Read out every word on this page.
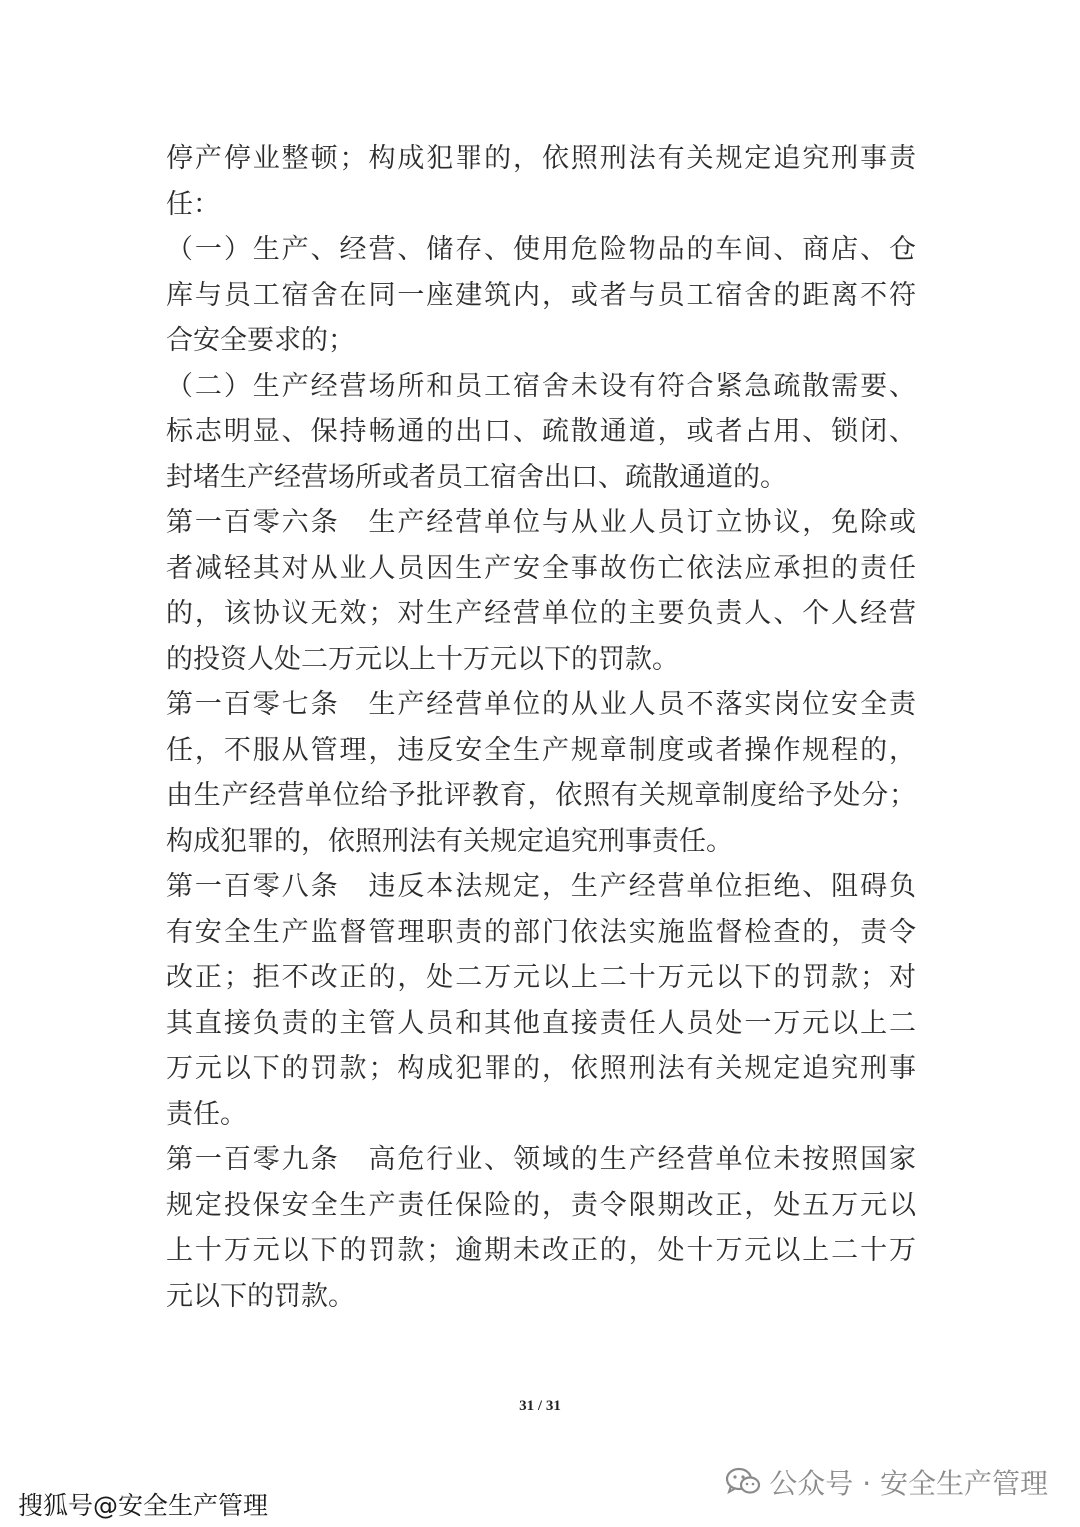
停产停业整顿；构成犯罪的，依照刑法有关规定追究刑事责
任：
（一）生产、经营、储存、使用危险物品的车间、商店、仓
库与员工宿舍在同一座建筑内，或者与员工宿舍的距离不符
合安全要求的；
（二）生产经营场所和员工宿舍未设有符合紧急疏散需要、
标志明显、保持畅通的出口、疏散通道，或者占用、锁闭、
封堵生产经营场所或者员工宿舍出口、疏散通道的。
第一百零六条　生产经营单位与从业人员订立协议，免除或
者减轻其对从业人员因生产安全事故伤亡依法应承担的责任
的，该协议无效；对生产经营单位的主要负责人、个人经营
的投资人处二万元以上十万元以下的罚款。
第一百零七条　生产经营单位的从业人员不落实岗位安全责
任，不服从管理，违反安全生产规章制度或者操作规程的，
由生产经营单位给予批评教育，依照有关规章制度给予处分；
构成犯罪的，依照刑法有关规定追究刑事责任。
第一百零八条　违反本法规定，生产经营单位拒绝、阻碍负
有安全生产监督管理职责的部门依法实施监督检查的，责令
改正；拒不改正的，处二万元以上二十万元以下的罚款；对
其直接负责的主管人员和其他直接责任人员处一万元以上二
万元以下的罚款；构成犯罪的，依照刑法有关规定追究刑事
责任。
第一百零九条　高危行业、领域的生产经营单位未按照国家
规定投保安全生产责任保险的，责令限期改正，处五万元以
上十万元以下的罚款；逾期未改正的，处十万元以上二十万
元以下的罚款。
31 / 31
搜狐号@安全生产管理
公众号 · 安全生产管理
